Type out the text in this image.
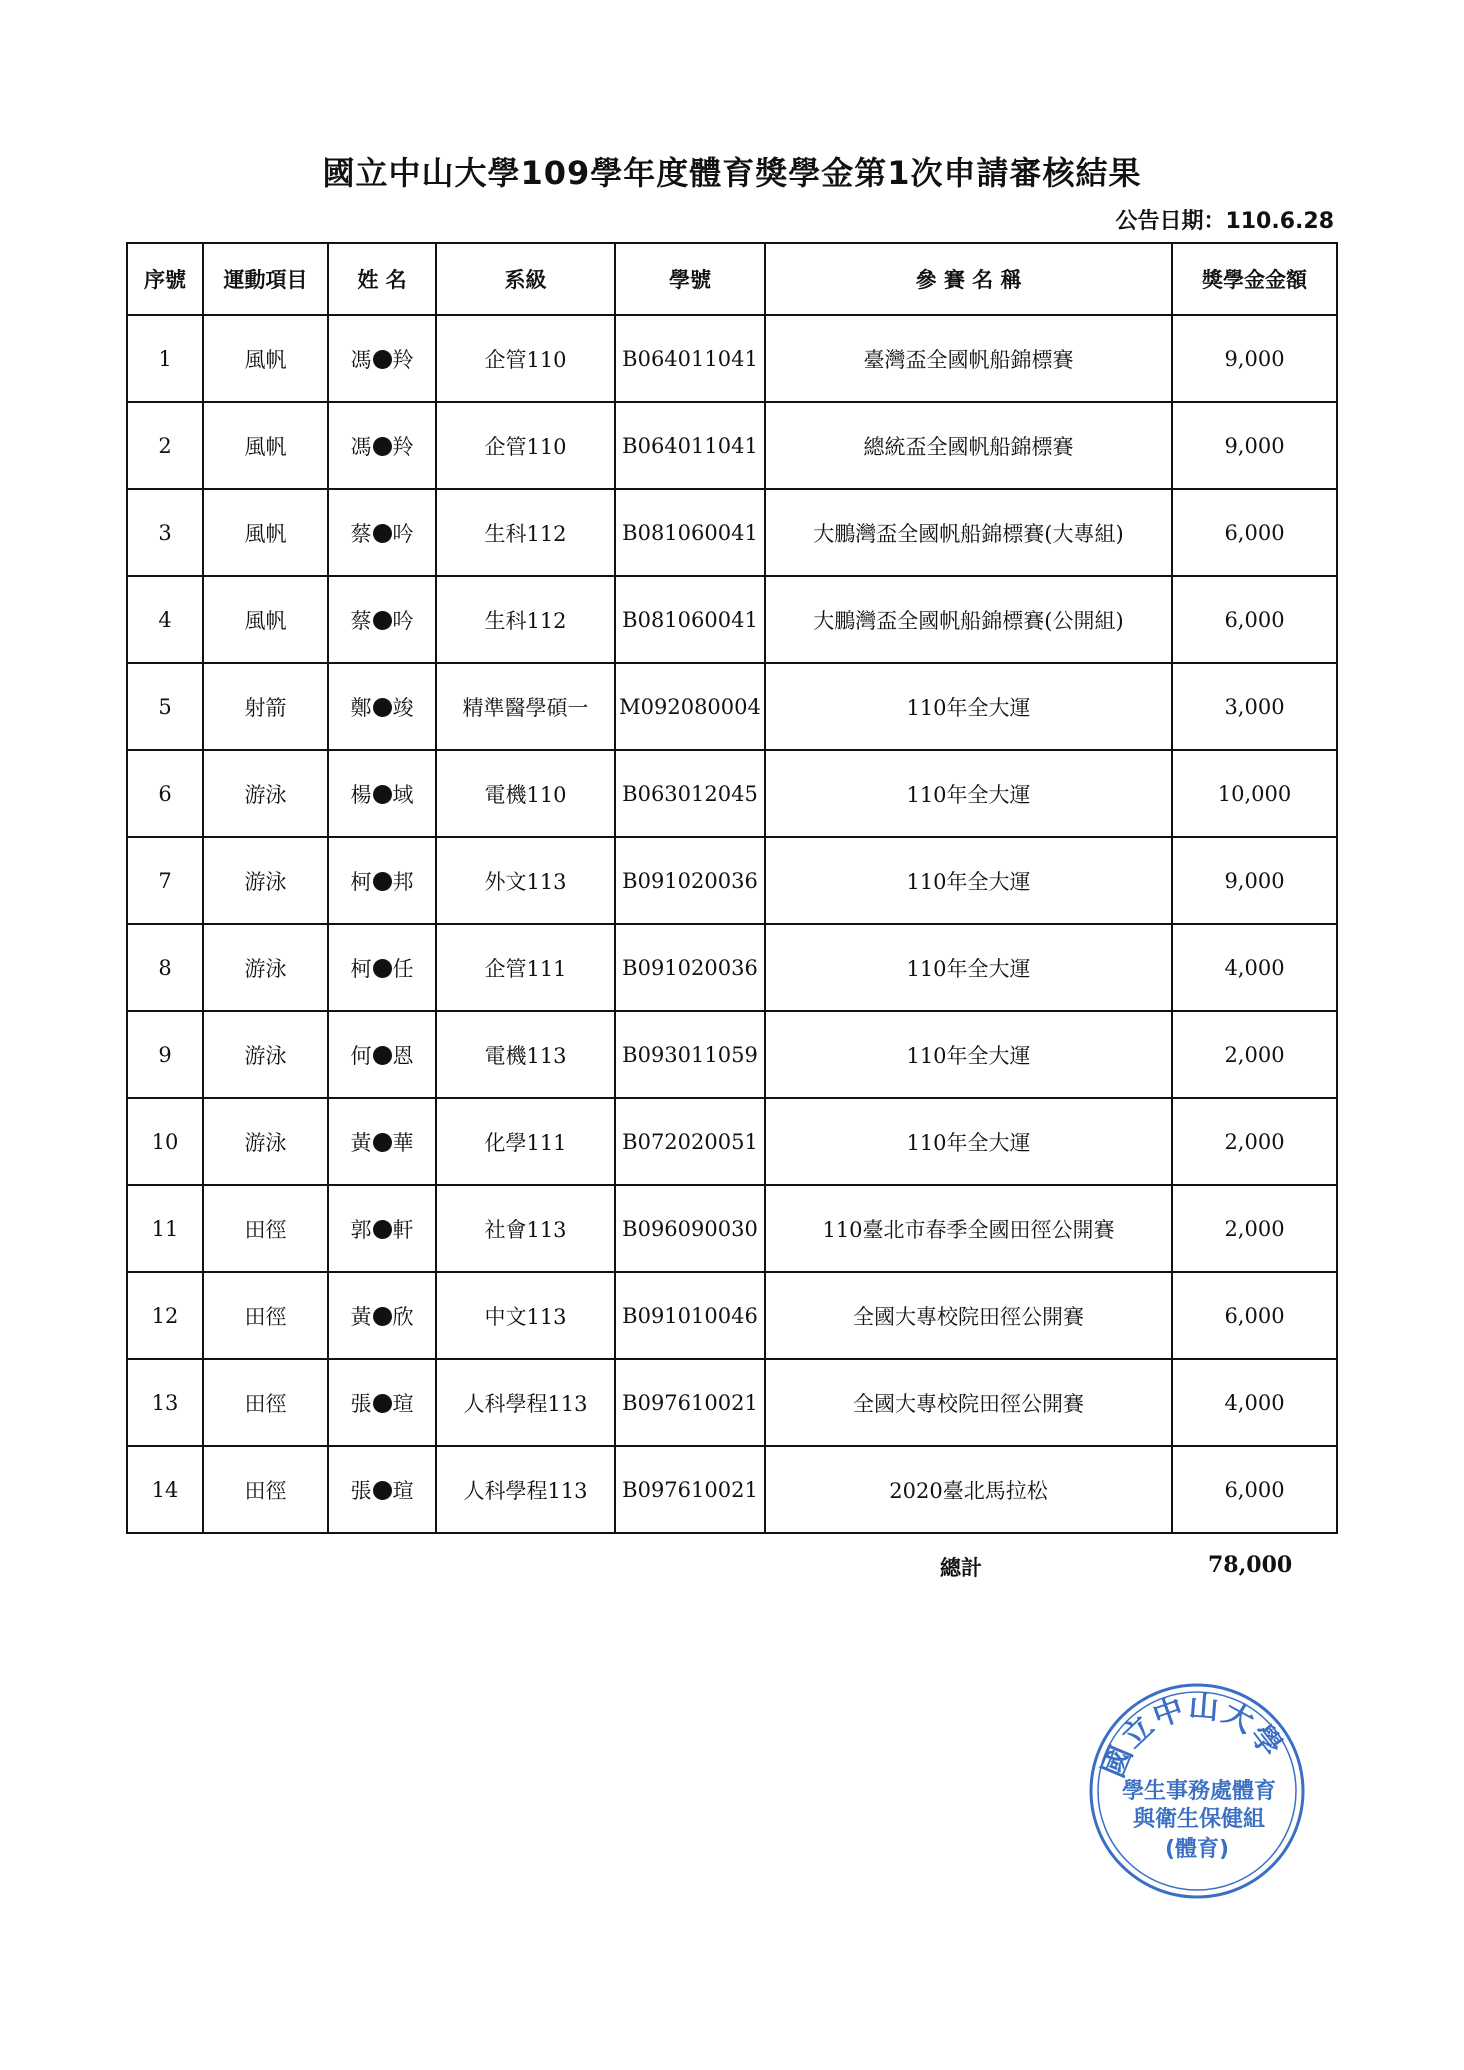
國立中山大學109學年度體育獎學金第1次申請審核結果
公告日期：110.6.28
序號	運動項目	姓 名	系級	學號	參 賽 名 稱	獎學金金額
1	風帆	馮 羚	企管110	B064011041	臺灣盃全國帆船錦標賽	9,000
2	風帆	馮 羚	企管110	B064011041	總統盃全國帆船錦標賽	9,000
3	風帆	蔡 吟	生科112	B081060041	大鵬灣盃全國帆船錦標賽(大專組)	6,000
4	風帆	蔡 吟	生科112	B081060041	大鵬灣盃全國帆船錦標賽(公開組)	6,000
5	射箭	鄭 竣	精準醫學碩一	M092080004	110年全大運	3,000
6	游泳	楊 域	電機110	B063012045	110年全大運	10,000
7	游泳	柯 邦	外文113	B091020036	110年全大運	9,000
8	游泳	柯 任	企管111	B091020036	110年全大運	4,000
9	游泳	何 恩	電機113	B093011059	110年全大運	2,000
10	游泳	黃 華	化學111	B072020051	110年全大運	2,000
11	田徑	郭 軒	社會113	B096090030	110臺北市春季全國田徑公開賽	2,000
12	田徑	黃 欣	中文113	B091010046	全國大專校院田徑公開賽	6,000
13	田徑	張 瑄	人科學程113	B097610021	全國大專校院田徑公開賽	4,000
14	田徑	張 瑄	人科學程113	B097610021	2020臺北馬拉松	6,000
總計	78,000
國立中山大學
學生事務處體育
與衛生保健組
(體育)
